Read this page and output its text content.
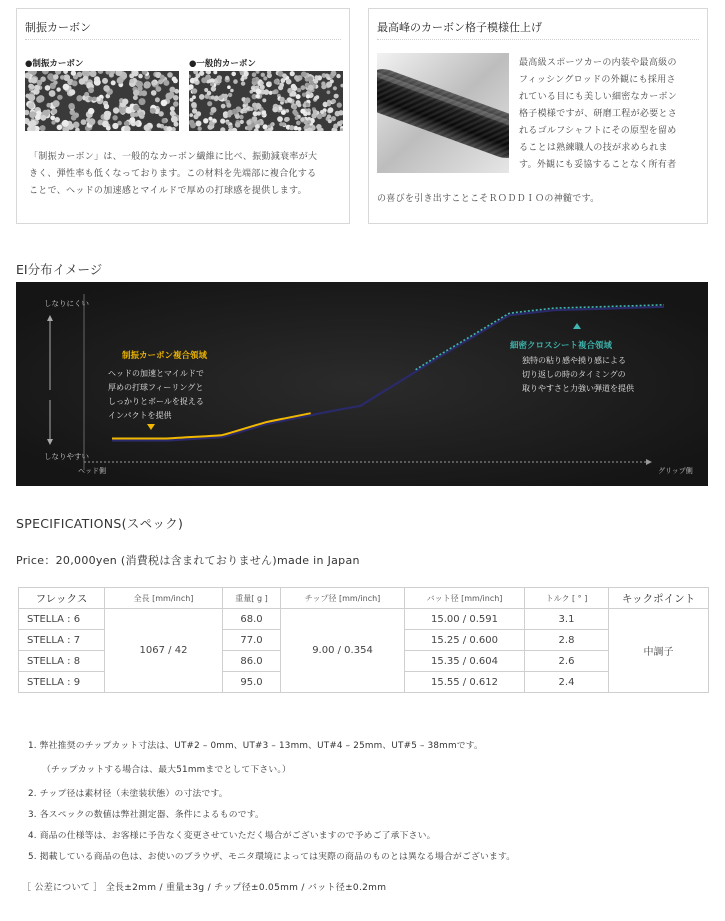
制振カーボン
●制振カーボン	●一般的カーボン
「制振カーボン」は、一般的なカーボン繊維に比べ、振動減衰率が大
きく、弾性率も低くなっております。この材料を先端部に複合化する
ことで、ヘッドの加速感とマイルドで厚めの打球感を提供します。
最高峰のカーボン格子模様仕上げ
最高級スポーツカーの内装や最高級の
フィッシングロッドの外観にも採用さ
れている目にも美しい細密なカーボン
格子模様ですが、研磨工程が必要とさ
れるゴルフシャフトにその原型を留め
ることは熟練職人の技が求められま
す。外観にも妥協することなく所有者
の喜びを引き出すことこそＲＯＤＤＩＯの神髄です。
EI分布イメージ
しなりにくい
しなりやすい
ヘッド側	グリップ側
制振カーボン複合領域
ヘッドの加速とマイルドで
厚めの打球フィーリングと
しっかりとボールを捉える
インパクトを提供
細密クロスシート複合領域
独特の粘り感や撓り感による
切り返しの時のタイミングの
取りやすさと力強い弾道を提供
SPECIFICATIONS(スペック)
Price：20,000yen (消費税は含まれておりません)made in Japan
フレックス	全長 [mm/inch]	重量[ g ]	チップ径 [mm/inch]	バット径 [mm/inch]	トルク [ ° ]	キックポイント
STELLA : 6	1067 / 42	68.0	9.00 / 0.354	15.00 / 0.591	3.1	中調子
STELLA : 7		77.0		15.25 / 0.600	2.8	
STELLA : 8		86.0		15.35 / 0.604	2.6	
STELLA : 9		95.0		15.55 / 0.612	2.4	
1. 弊社推奨のチップカット寸法は、UT#2 – 0mm、UT#3 – 13mm、UT#4 – 25mm、UT#5 – 38mmです。
（チップカットする場合は、最大51mmまでとして下さい。）
2. チップ径は素材径（未塗装状態）の寸法です。
3. 各スペックの数値は弊社測定器、条件によるものです。
4. 商品の仕様等は、お客様に予告なく変更させていただく場合がございますので予めご了承下さい。
5. 掲載している商品の色は、お使いのブラウザ、モニタ環境によっては実際の商品のものとは異なる場合がございます。
［ 公差について ］ 全長±2mm / 重量±3g / チップ径±0.05mm / バット径±0.2mm
